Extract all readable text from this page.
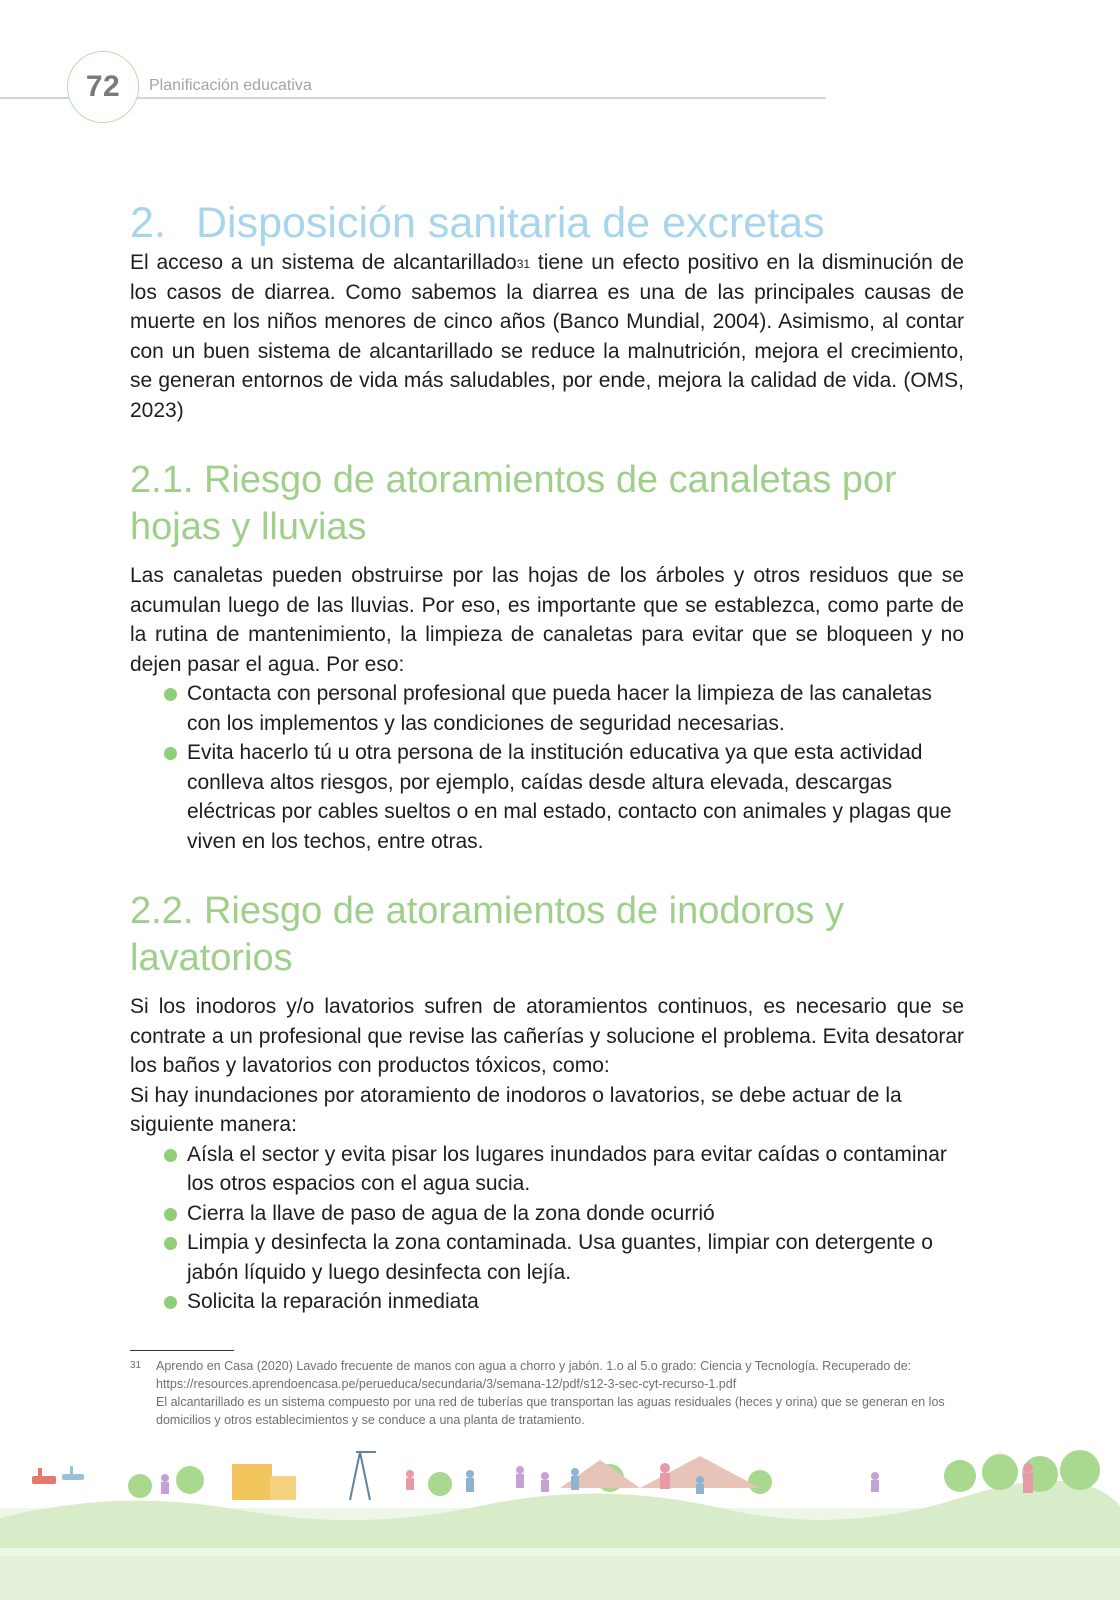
72 Planificación educativa
2. Disposición sanitaria de excretas

El acceso a un sistema de alcantarillado$^{31}$ tiene un efecto positivo en la disminución de los casos de diarrea. Como sabemos la diarrea es una de las principales causas de muerte en los niños menores de cinco años (Banco Mundial, 2004). Asimismo, al contar con un buen sistema de alcantarillado se reduce la malnutrición, mejora el crecimiento, se generan entornos de vida más saludables, por ende, mejora la calidad de vida. (OMS, 2023)

2.1. Riesgo de atoramientos de canaletas por hojas y lluvias

Las canaletas pueden obstruirse por las hojas de los árboles y otros residuos que se acumulan luego de las lluvias. Por eso, es importante que se establezca, como parte de la rutina de mantenimiento, la limpieza de canaletas para evitar que se bloqueen y no dejen pasar el agua. Por eso:

Contacta con personal profesional que pueda hacer la limpieza de las canaletas con los implementos y las condiciones de seguridad necesarias.
Evita hacerlo tú u otra persona de la institución educativa ya que esta actividad conlleva altos riesgos, por ejemplo, caídas desde altura elevada, descargas eléctricas por cables sueltos o en mal estado, contacto con animales y plagas que viven en los techos, entre otras.
2.2. Riesgo de atoramientos de inodoros y lavatorios

Si los inodoros y/o lavatorios sufren de atoramientos continuos, es necesario que se contrate a un profesional que revise las cañerías y solucione el problema. Evita desatorar los baños y lavatorios con productos tóxicos, como:

Si hay inundaciones por atoramiento de inodoros o lavatorios, se debe actuar de la siguiente manera:

Aísla el sector y evita pisar los lugares inundados para evitar caídas o contaminar los otros espacios con el agua sucia.
Cierra la llave de paso de agua de la zona donde ocurrió
Limpia y desinfecta la zona contaminada. Usa guantes, limpiar con detergente o jabón líquido y luego desinfecta con lejía.
Solicita la reparación inmediata
31 Aprendo en Casa (2020) Lavado frecuente de manos con agua a chorro y jabón. 1.o al 5.o grado: Ciencia y Tecnología. Recuperado de: https://resources.aprendoencasa.pe/perueduca/secundaria/3/semana-12/pdf/s12-3-sec-cyt-recurso-1.pdf
El alcantarillado es un sistema compuesto por una red de tuberías que transportan las aguas residuales (heces y orina) que se generan en los domicilios y otros establecimientos y se conduce a una planta de tratamiento.
